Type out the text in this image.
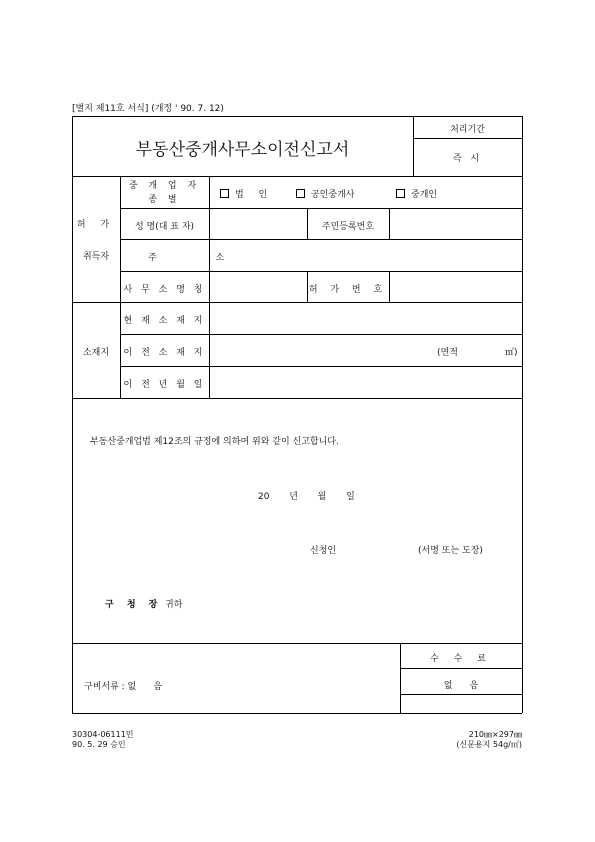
[별지 제11호 서식] (개정 ' 90. 7. 12)
부동산중개사무소이전신고서
처리기간
즉 시
허 가
취득자
중 개 업 자 종 별	법 인	공인중개사	중개인
성 명(대 표 자)	주민등록번호
주 소
사 무 소 명 칭	허 가 번 호
소재지
현 재 소 재 지
이 전 소 재 지	(면적	㎡)
이 전 년 월 일
부동산중개업법 제12조의 규정에 의하여 위와 같이 신고합니다.
20 년 월 일
신청인	(서명 또는 도장)
구 청 장 귀하
구비서류 : 없      음
수 수 료
없      음
30304-06111민
90. 5. 29 승인
210㎜×297㎜
(신문용지 54g/㎡)
